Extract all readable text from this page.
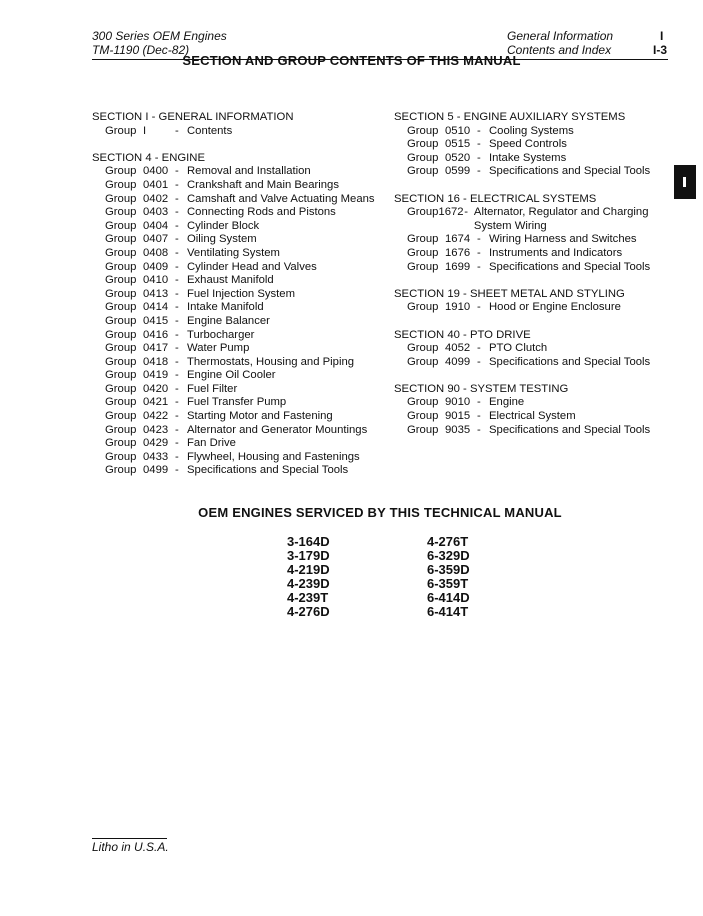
300 Series OEM Engines
TM-1190 (Dec-82)
General Information
Contents and Index
I
I-3
SECTION AND GROUP CONTENTS OF THIS MANUAL
SECTION I - GENERAL INFORMATION
Group I	- Contents
SECTION 4 - ENGINE
Group 0400 - Removal and Installation
Group 0401 - Crankshaft and Main Bearings
Group 0402 - Camshaft and Valve Actuating Means
Group 0403 - Connecting Rods and Pistons
Group 0404 - Cylinder Block
Group 0407 - Oiling System
Group 0408 - Ventilating System
Group 0409 - Cylinder Head and Valves
Group 0410 - Exhaust Manifold
Group 0413 - Fuel Injection System
Group 0414 - Intake Manifold
Group 0415 - Engine Balancer
Group 0416 - Turbocharger
Group 0417 - Water Pump
Group 0418 - Thermostats, Housing and Piping
Group 0419 - Engine Oil Cooler
Group 0420 - Fuel Filter
Group 0421 - Fuel Transfer Pump
Group 0422 - Starting Motor and Fastening
Group 0423 - Alternator and Generator Mountings
Group 0429 - Fan Drive
Group 0433 - Flywheel, Housing and Fastenings
Group 0499 - Specifications and Special Tools
SECTION 5 - ENGINE AUXILIARY SYSTEMS
Group 0510 - Cooling Systems
Group 0515 - Speed Controls
Group 0520 - Intake Systems
Group 0599 - Specifications and Special Tools
SECTION 16 - ELECTRICAL SYSTEMS
Group 1672 - Alternator, Regulator and Charging System Wiring
Group 1674 - Wiring Harness and Switches
Group 1676 - Instruments and Indicators
Group 1699 - Specifications and Special Tools
SECTION 19 - SHEET METAL AND STYLING
Group 1910 - Hood or Engine Enclosure
SECTION 40 - PTO DRIVE
Group 4052 - PTO Clutch
Group 4099 - Specifications and Special Tools
SECTION 90 - SYSTEM TESTING
Group 9010 - Engine
Group 9015 - Electrical System
Group 9035 - Specifications and Special Tools
OEM ENGINES SERVICED BY THIS TECHNICAL MANUAL
3-164D
3-179D
4-219D
4-239D
4-239T
4-276D
4-276T
6-329D
6-359D
6-359T
6-414D
6-414T
Litho in U.S.A.
